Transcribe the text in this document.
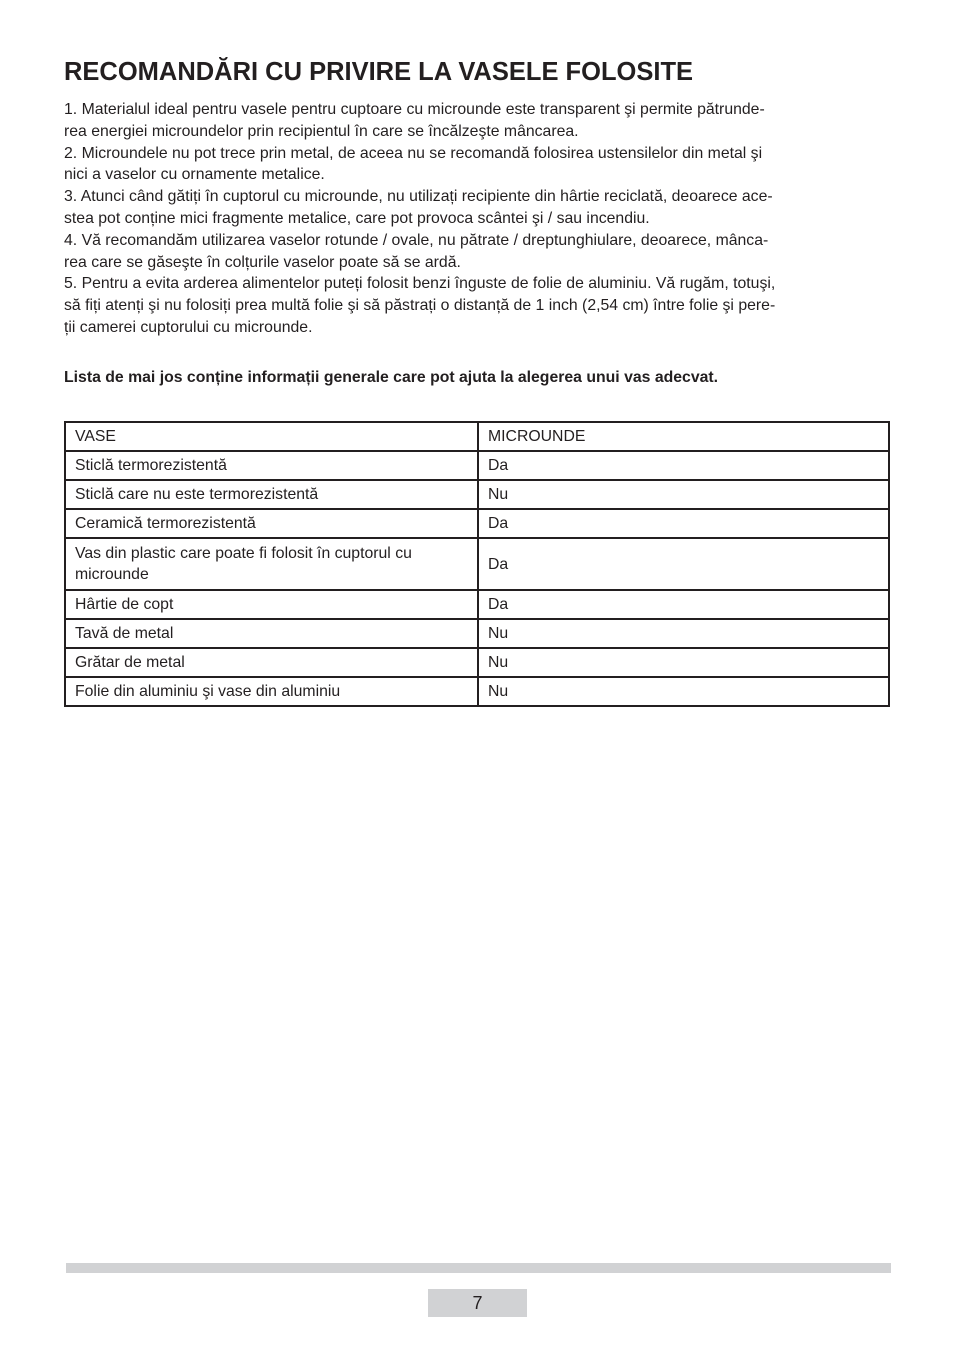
RECOMANDĂRI CU PRIVIRE LA VASELE FOLOSITE
1. Materialul ideal pentru vasele pentru cuptoare cu microunde este transparent şi permite pătrunde-
rea energiei microundelor prin recipientul în care se încălzeşte mâncarea.
2. Microundele nu pot trece prin metal, de aceea nu se recomandă folosirea ustensilelor din metal şi
nici a vaselor cu ornamente metalice.
3. Atunci când gătiți în cuptorul cu microunde, nu utilizați recipiente din hârtie reciclată, deoarece ace-
stea pot conține mici fragmente metalice, care pot provoca scântei şi / sau incendiu.
4. Vă recomandăm utilizarea vaselor rotunde / ovale, nu pătrate / dreptunghiulare, deoarece, mânca-
rea care se găseşte în colțurile vaselor poate să se ardă.
5. Pentru a evita arderea alimentelor puteți folosit benzi înguste de folie de aluminiu. Vă rugăm, totuşi,
să fiți atenți şi nu folosiți prea multă folie şi să păstrați o distanță de 1 inch (2,54 cm) între folie şi pere-
ții camerei cuptorului cu microunde.

Lista de mai jos conține informații generale care pot ajuta la alegerea unui vas adecvat.

VASE	MICROUNDE
Sticlă termorezistentă	Da
Sticlă care nu este termorezistentă	Nu
Ceramică termorezistentă	Da
Vas din plastic care poate fi folosit în cuptorul cu microunde	Da
Hârtie de copt	Da
Tavă de metal	Nu
Grătar de metal	Nu
Folie din aluminiu şi vase din aluminiu	Nu
7
